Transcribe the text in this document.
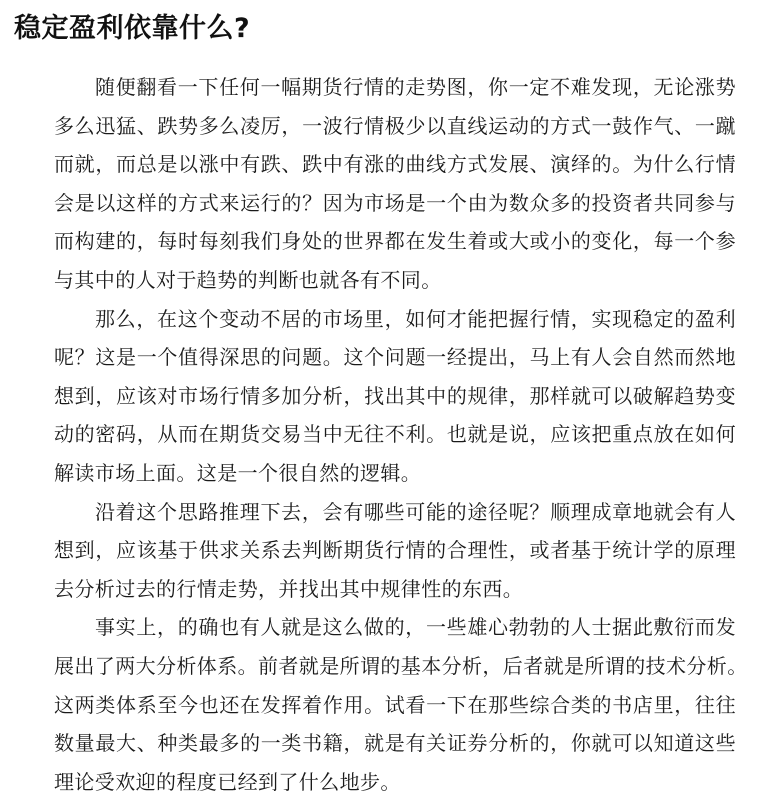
稳定盈利依靠什么?
随便翻看一下任何一幅期货行情的走势图，你一定不难发现，无论涨势
多么迅猛、跌势多么凌厉，一波行情极少以直线运动的方式一鼓作气、一蹴
而就，而总是以涨中有跌、跌中有涨的曲线方式发展、演绎的。为什么行情
会是以这样的方式来运行的？因为市场是一个由为数众多的投资者共同参与
而构建的，每时每刻我们身处的世界都在发生着或大或小的变化，每一个参
与其中的人对于趋势的判断也就各有不同。
那么，在这个变动不居的市场里，如何才能把握行情，实现稳定的盈利
呢？这是一个值得深思的问题。这个问题一经提出，马上有人会自然而然地
想到，应该对市场行情多加分析，找出其中的规律，那样就可以破解趋势变
动的密码，从而在期货交易当中无往不利。也就是说，应该把重点放在如何
解读市场上面。这是一个很自然的逻辑。
沿着这个思路推理下去，会有哪些可能的途径呢？顺理成章地就会有人
想到，应该基于供求关系去判断期货行情的合理性，或者基于统计学的原理
去分析过去的行情走势，并找出其中规律性的东西。
事实上，的确也有人就是这么做的，一些雄心勃勃的人士据此敷衍而发
展出了两大分析体系。前者就是所谓的基本分析，后者就是所谓的技术分析。
这两类体系至今也还在发挥着作用。试看一下在那些综合类的书店里，往往
数量最大、种类最多的一类书籍，就是有关证券分析的，你就可以知道这些
理论受欢迎的程度已经到了什么地步。
